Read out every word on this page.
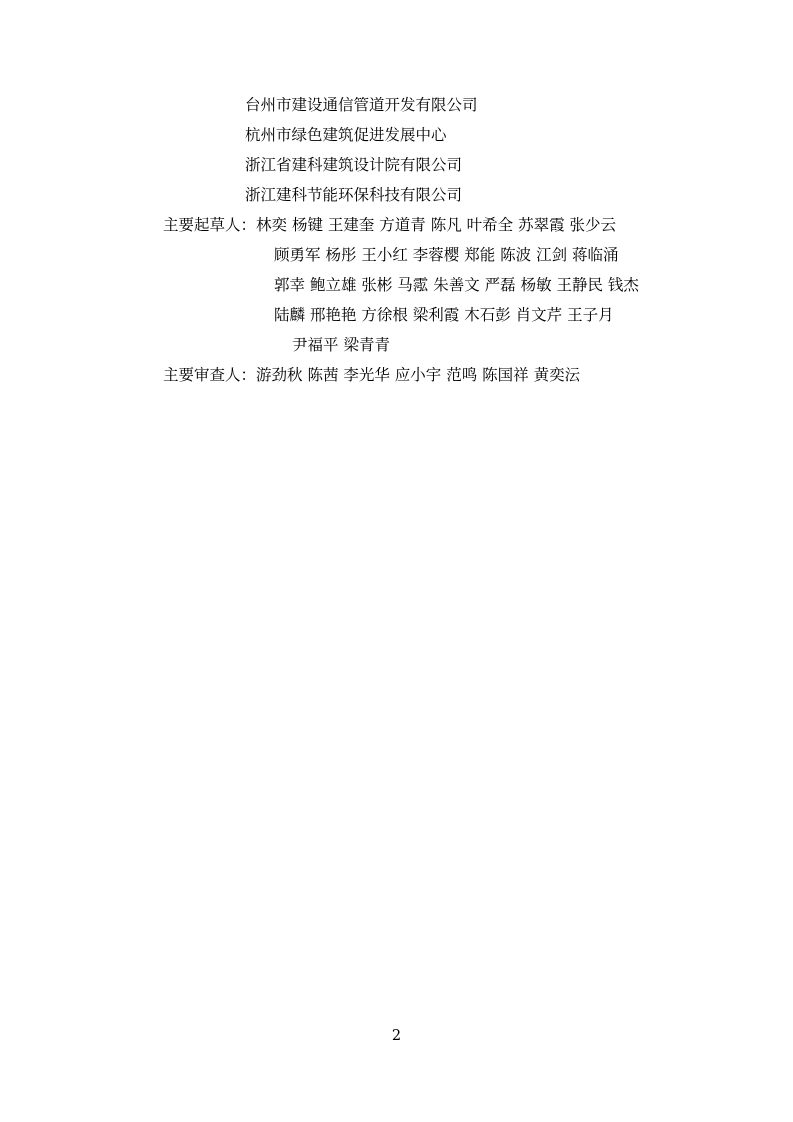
台州市建设通信管道开发有限公司
杭州市绿色建筑促进发展中心
浙江省建科建筑设计院有限公司
浙江建科节能环保科技有限公司
主要起草人： 林奕 杨键 王建奎 方道青 陈凡 叶希全 苏翠霞 张少云
顾勇军 杨彤 王小红 李蓉樱 郑能 陈波 江剑 蒋临涌
郭幸 鲍立雄 张彬 马霐 朱善文 严磊 杨敏 王静民 钱杰
陆麟 邢艳艳 方徐根 梁利霞 木石彭 肖文芹 王子月
尹福平 梁青青
主要审查人： 游劲秋 陈茜 李光华 应小宇 范鸣 陈国祥 黄奕沄
2
